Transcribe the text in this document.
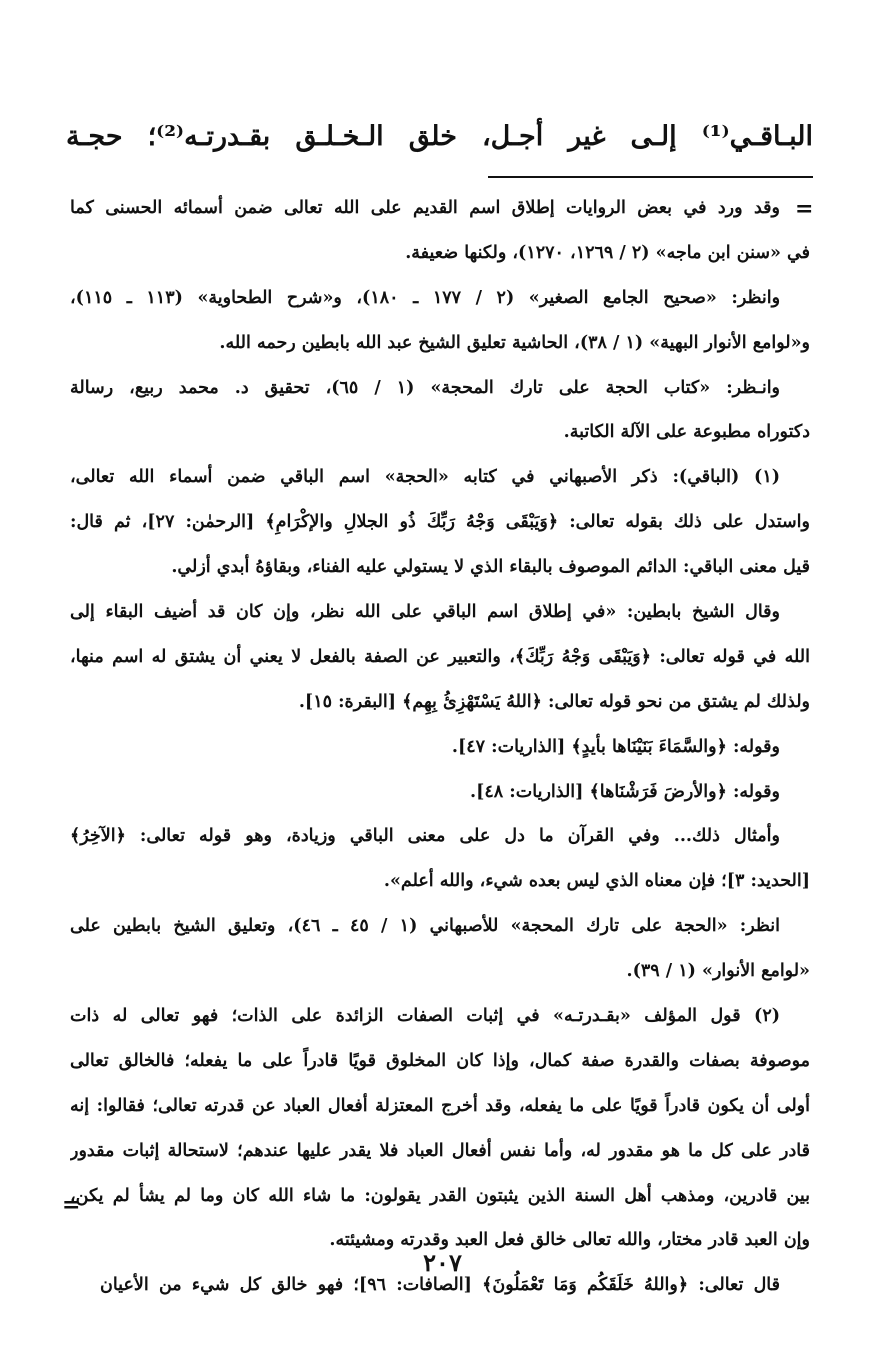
البـاقـي⁽¹⁾ إلـى غير أجـل، خلق الـخـلـق بقـدرتـه⁽²⁾؛ حجـة
=
وقد ورد في بعض الروايات إطلاق اسم القديم على الله تعالى ضمن أسمائه الحسنى كما
في «سنن ابن ماجه» (٢ / ١٢٦٩، ١٢٧٠)، ولكنها ضعيفة.
وانظر: «صحيح الجامع الصغير» (٢ / ١٧٧ ـ ١٨٠)، و«شرح الطحاوية» (١١٣ ـ ١١٥)،
و«لوامع الأنوار البهية» (١ / ٣٨)، الحاشية تعليق الشيخ عبد الله بابطين رحمه الله.
وانـظر: «كتاب الحجة على تارك المحجة» (١ / ٦٥)، تحقيق د. محمد ربيع، رسالة
دكتوراه مطبوعة على الآلة الكاتبة.
(١) (الباقي): ذكر الأصبهاني في كتابه «الحجة» اسم الباقي ضمن أسماء الله تعالى،
واستدل على ذلك بقوله تعالى: ﴿وَيَبْقَى وَجْهُ رَبِّكَ ذُو الجلالِ والإكْرَامِ﴾ [الرحمٰن: ٢٧]، ثم قال:
قيل معنى الباقي: الدائم الموصوف بالبقاء الذي لا يستولي عليه الفناء، وبقاؤهُ أبدي أزلي.
وقال الشيخ بابطين: «في إطلاق اسم الباقي على الله نظر، وإن كان قد أضيف البقاء إلى
الله في قوله تعالى: ﴿وَيَبْقَى وَجْهُ رَبِّكَ﴾، والتعبير عن الصفة بالفعل لا يعني أن يشتق له اسم منها،
ولذلك لم يشتق من نحو قوله تعالى: ﴿اللهُ يَسْتَهْزِئُ بِهِم﴾ [البقرة: ١٥].
وقوله: ﴿والسَّمَاءَ بَنَيْنَاها بأيدٍ﴾ [الذاريات: ٤٧].
وقوله: ﴿والأرضَ فَرَشْنَاها﴾ [الذاريات: ٤٨].
وأمثال ذلك... وفي القرآن ما دل على معنى الباقي وزيادة، وهو قوله تعالى: ﴿الآخِرُ﴾
[الحديد: ٣]؛ فإن معناه الذي ليس بعده شيء، والله أعلم».
انظر: «الحجة على تارك المحجة» للأصبهاني (١ / ٤٥ ـ ٤٦)، وتعليق الشيخ بابطين على
«لوامع الأنوار» (١ / ٣٩).
(٢) قول المؤلف «بقـدرتـه» في إثبات الصفات الزائدة على الذات؛ فهو تعالى له ذات
موصوفة بصفات والقدرة صفة كمال، وإذا كان المخلوق قويًا قادراً على ما يفعله؛ فالخالق تعالى
أولى أن يكون قادراً قويًا على ما يفعله، وقد أخرج المعتزلة أفعال العباد عن قدرته تعالى؛ فقالوا: إنه
قادر على كل ما هو مقدور له، وأما نفس أفعال العباد فلا يقدر عليها عندهم؛ لاستحالة إثبات مقدور
بين قادرين، ومذهب أهل السنة الذين يثبتون القدر يقولون: ما شاء الله كان وما لم يشأ لم يكن،
وإن العبد قادر مختار، والله تعالى خالق فعل العبد وقدرته ومشيئته.
قال تعالى: ﴿واللهُ خَلَقَكُم وَمَا تَعْمَلُونَ﴾ [الصافات: ٩٦]؛ فهو خالق كل شيء من الأعيان
=
٢٠٧
